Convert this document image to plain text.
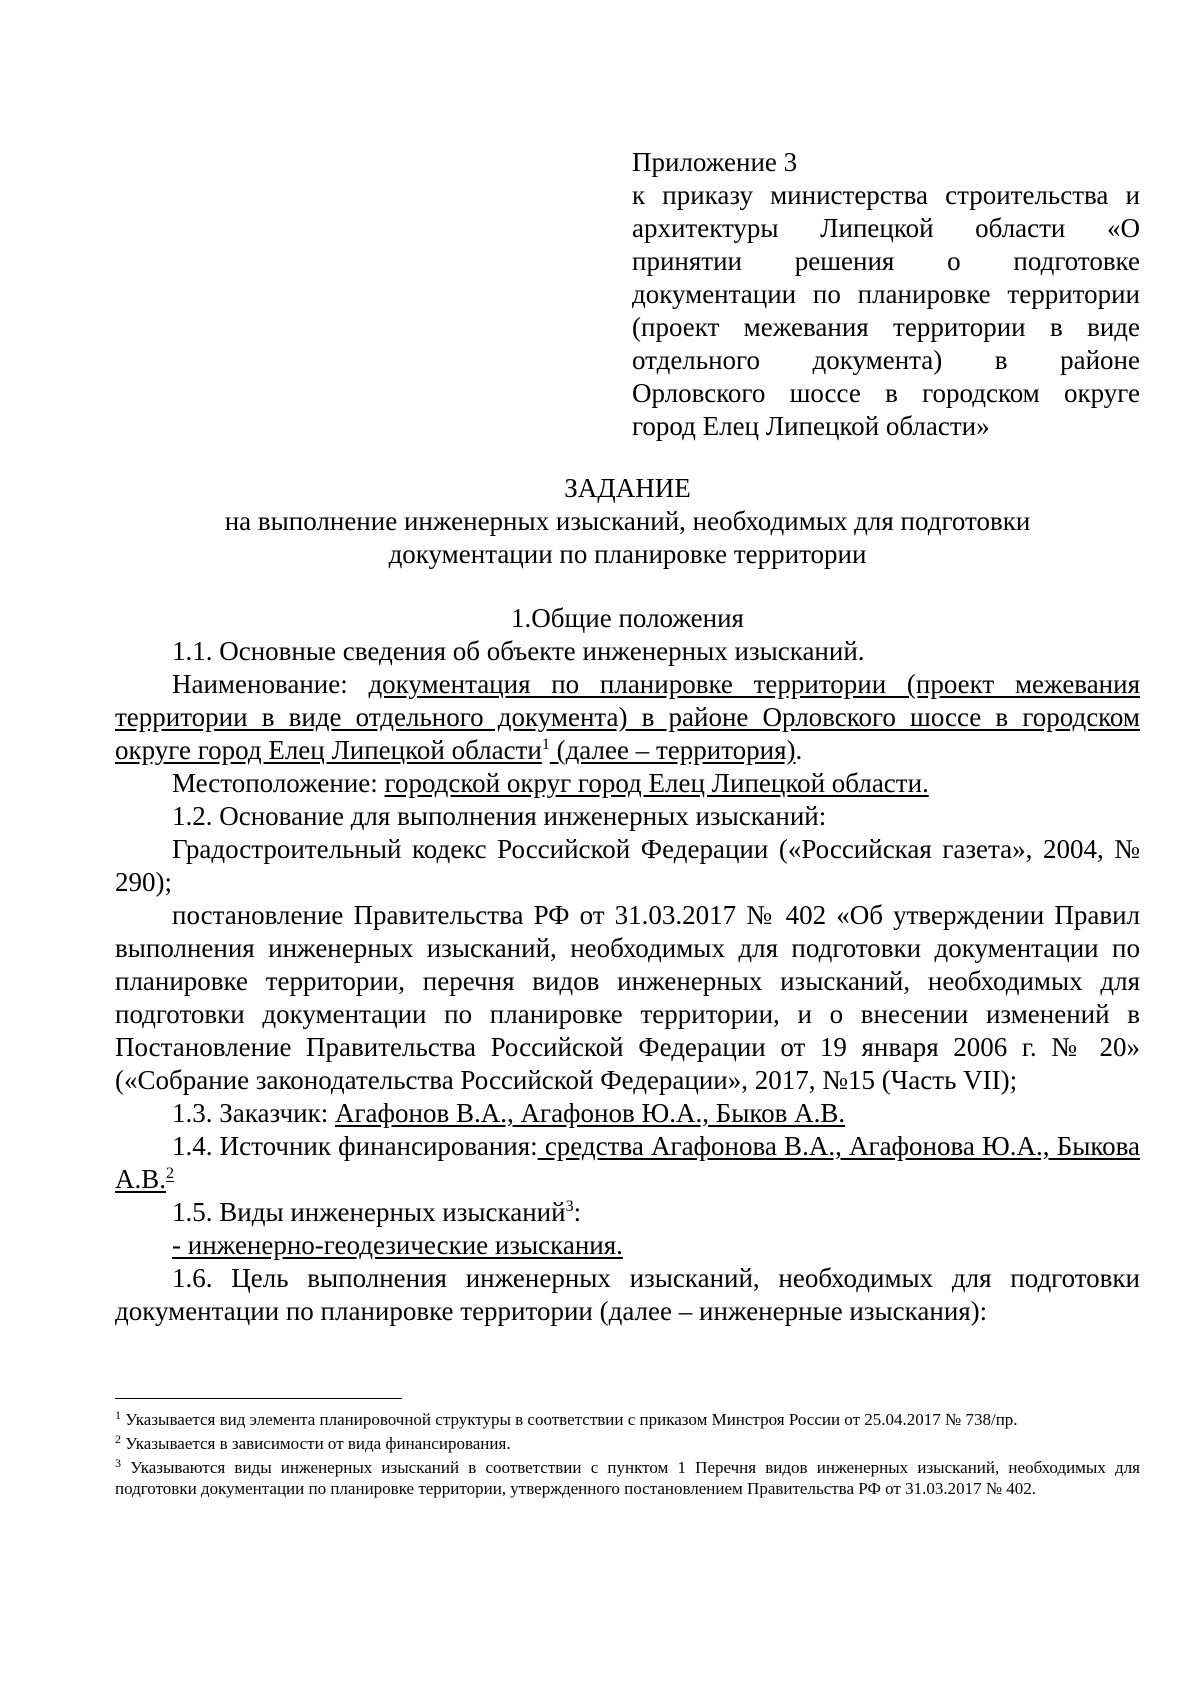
Приложение 3
к приказу министерства строительства и архитектуры Липецкой области «О принятии решения о подготовке документации по планировке территории (проект межевания территории в виде отдельного документа) в районе Орловского шоссе в городском округе город Елец Липецкой области»
ЗАДАНИЕ
на выполнение инженерных изысканий, необходимых для подготовки
документации по планировке территории

1.Общие положения

1.1. Основные сведения об объекте инженерных изысканий.

Наименование: документация по планировке территории (проект межевания территории в виде отдельного документа) в районе Орловского шоссе в городском округе город Елец Липецкой области$^1$ (далее – территория).

Местоположение: городской округ город Елец Липецкой области.

1.2. Основание для выполнения инженерных изысканий:

Градостроительный кодекс Российской Федерации («Российская газета», 2004, № 290);

постановление Правительства РФ от 31.03.2017 № 402 «Об утверждении Правил выполнения инженерных изысканий, необходимых для подготовки документации по планировке территории, перечня видов инженерных изысканий, необходимых для подготовки документации по планировке территории, и о внесении изменений в Постановление Правительства Российской Федерации от 19 января 2006 г. № 20» («Собрание законодательства Российской Федерации», 2017, №15 (Часть VII);

1.3. Заказчик: Агафонов В.А., Агафонов Ю.А., Быков А.В.

1.4. Источник финансирования: средства Агафонова В.А., Агафонова Ю.А., Быкова А.В.$^2$

1.5. Виды инженерных изысканий$^3$:

- инженерно-геодезические изыскания.

1.6. Цель выполнения инженерных изысканий, необходимых для подготовки документации по планировке территории (далее – инженерные изыскания):

$^1$ Указывается вид элемента планировочной структуры в соответствии с приказом Минстроя России от 25.04.2017 № 738/пр.

$^2$ Указывается в зависимости от вида финансирования.

$^3$ Указываются виды инженерных изысканий в соответствии с пунктом 1 Перечня видов инженерных изысканий, необходимых для подготовки документации по планировке территории, утвержденного постановлением Правительства РФ от 31.03.2017 № 402.
